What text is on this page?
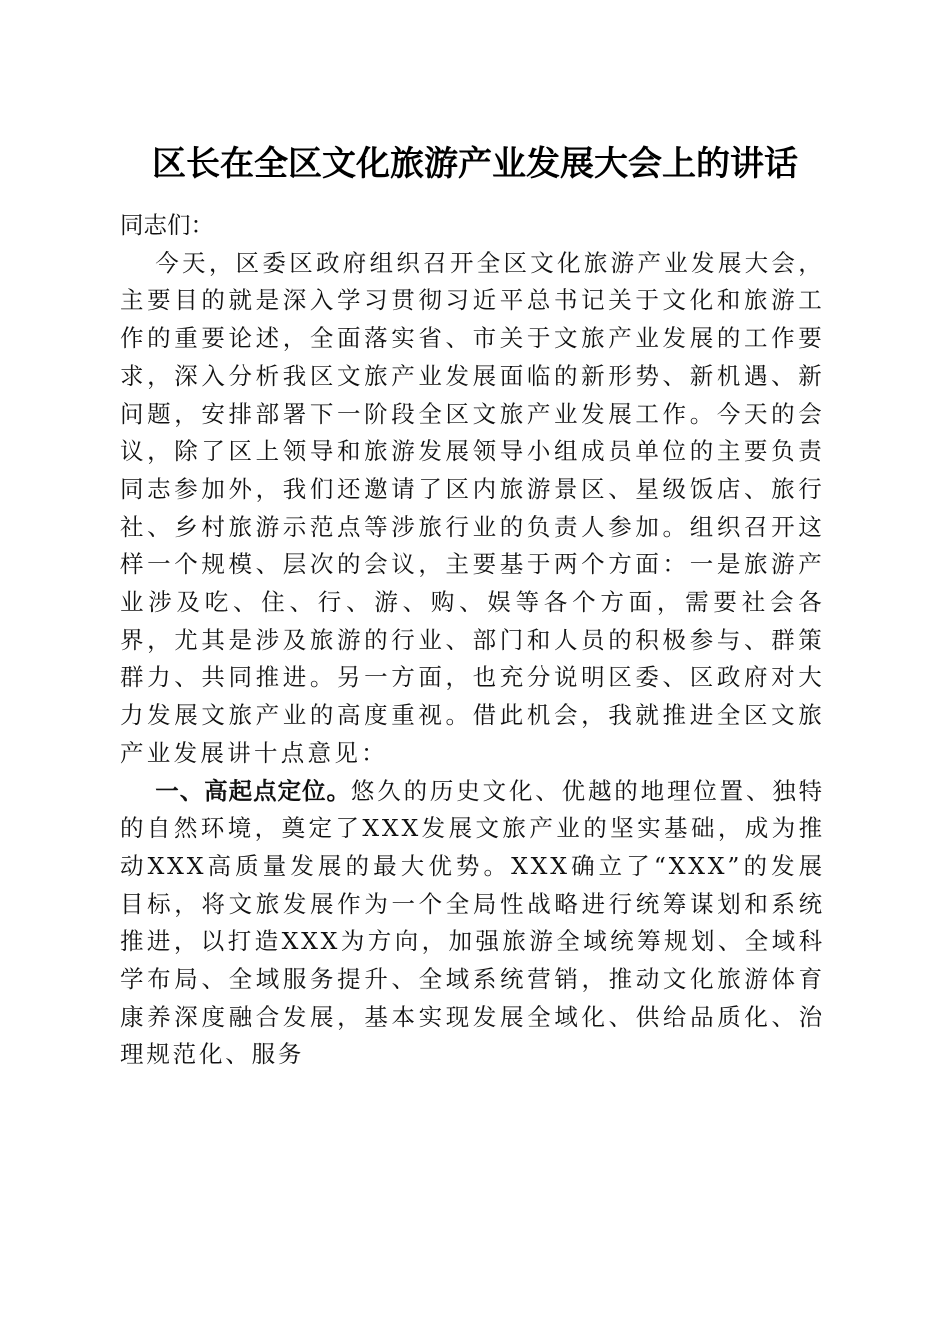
区长在全区文化旅游产业发展大会上的讲话

同志们：

今天，区委区政府组织召开全区文化旅游产业发展大会，主要目的就是深入学习贯彻习近平总书记关于文化和旅游工作的重要论述，全面落实省、市关于文旅产业发展的工作要求，深入分析我区文旅产业发展面临的新形势、新机遇、新问题，安排部署下一阶段全区文旅产业发展工作。今天的会议，除了区上领导和旅游发展领导小组成员单位的主要负责同志参加外，我们还邀请了区内旅游景区、星级饭店、旅行社、乡村旅游示范点等涉旅行业的负责人参加。组织召开这样一个规模、层次的会议，主要基于两个方面：一是旅游产业涉及吃、住、行、游、购、娱等各个方面，需要社会各界，尤其是涉及旅游的行业、部门和人员的积极参与、群策群力、共同推进。另一方面，也充分说明区委、区政府对大力发展文旅产业的高度重视。借此机会，我就推进全区文旅产业发展讲十点意见：

一、高起点定位。悠久的历史文化、优越的地理位置、独特的自然环境，奠定了XXX发展文旅产业的坚实基础，成为推动XXX高质量发展的最大优势。XXX确立了“XXX”的发展目标，将文旅发展作为一个全局性战略进行统筹谋划和系统推进，以打造XXX为方向，加强旅游全域统筹规划、全域科学布局、全域服务提升、全域系统营销，推动文化旅游体育康养深度融合发展，基本实现发展全域化、供给品质化、治理规范化、服务
